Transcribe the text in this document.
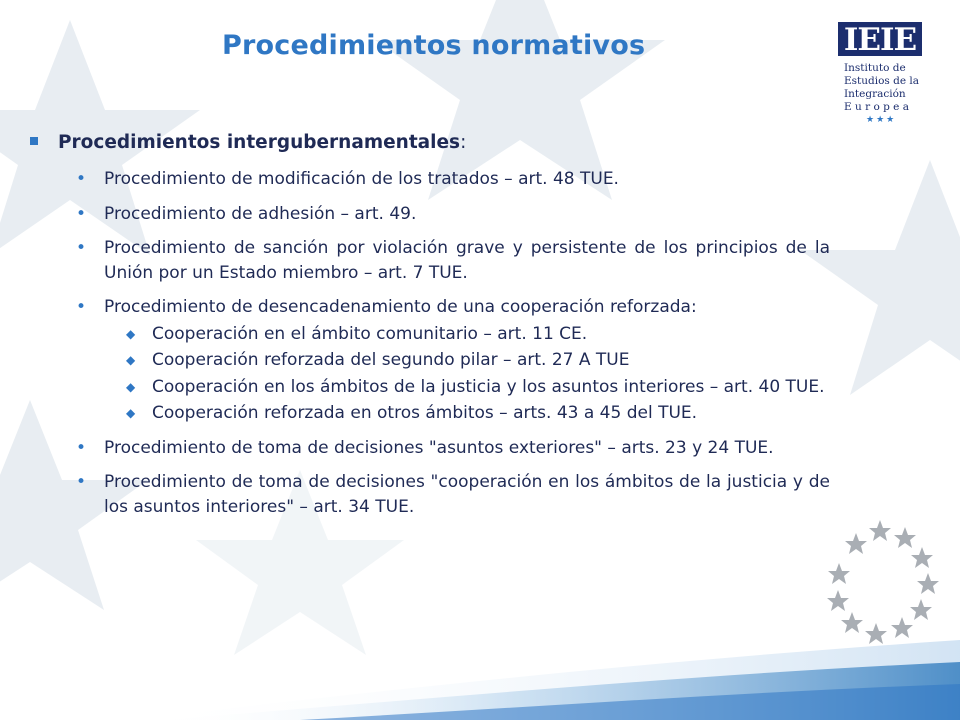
Procedimientos normativos	IEIE
Instituto de
Estudios de la
Integración
E u r o p e a
★★★
Procedimientos intergubernamentales:
• Procedimiento de modificación de los tratados – art. 48 TUE.
• Procedimiento de adhesión – art. 49.
• Procedimiento de sanción por violación grave y persistente de los principios de la Unión por un Estado miembro – art. 7 TUE.
• Procedimiento de desencadenamiento de una cooperación reforzada:
◆ Cooperación en el ámbito comunitario – art. 11 CE.
◆ Cooperación reforzada del segundo pilar – art. 27 A TUE
◆ Cooperación en los ámbitos de la justicia y los asuntos interiores – art. 40 TUE.
◆ Cooperación reforzada en otros ámbitos – arts. 43 a 45 del TUE.
• Procedimiento de toma de decisiones "asuntos exteriores" – arts. 23 y 24 TUE.
• Procedimiento de toma de decisiones "cooperación en los ámbitos de la justicia y de los asuntos interiores" – art. 34 TUE.
